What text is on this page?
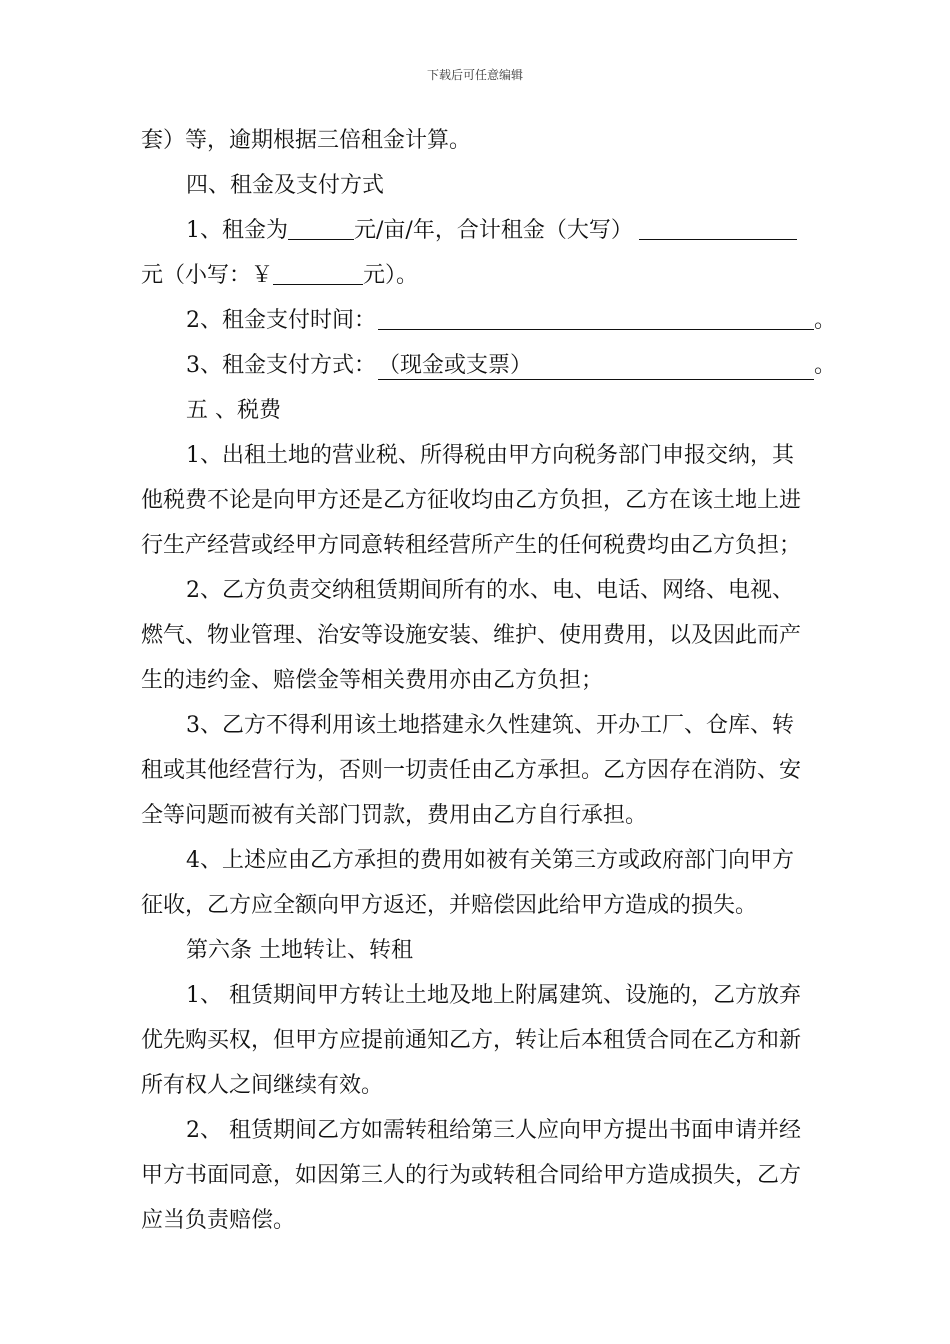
下载后可任意编辑
套）等，逾期根据三倍租金计算。
四、租金及支付方式
1、租金为	元/亩/年，合计租金（大写）
元（小写：￥	元）。
2、租金支付时间：	。
3、租金支付方式：（现金或支票）	。
五 、税费
1、出租土地的营业税、所得税由甲方向税务部门申报交纳，其
他税费不论是向甲方还是乙方征收均由乙方负担，乙方在该土地上进
行生产经营或经甲方同意转租经营所产生的任何税费均由乙方负担；
2、乙方负责交纳租赁期间所有的水、电、电话、网络、电视、
燃气、物业管理、治安等设施安装、维护、使用费用，以及因此而产
生的违约金、赔偿金等相关费用亦由乙方负担；
3、乙方不得利用该土地搭建永久性建筑、开办工厂、仓库、转
租或其他经营行为，否则一切责任由乙方承担。乙方因存在消防、安
全等问题而被有关部门罚款，费用由乙方自行承担。
4、上述应由乙方承担的费用如被有关第三方或政府部门向甲方
征收，乙方应全额向甲方返还，并赔偿因此给甲方造成的损失。
第六条 土地转让、转租
1、 租赁期间甲方转让土地及地上附属建筑、设施的，乙方放弃
优先购买权，但甲方应提前通知乙方，转让后本租赁合同在乙方和新
所有权人之间继续有效。
2、 租赁期间乙方如需转租给第三人应向甲方提出书面申请并经
甲方书面同意，如因第三人的行为或转租合同给甲方造成损失，乙方
应当负责赔偿。
